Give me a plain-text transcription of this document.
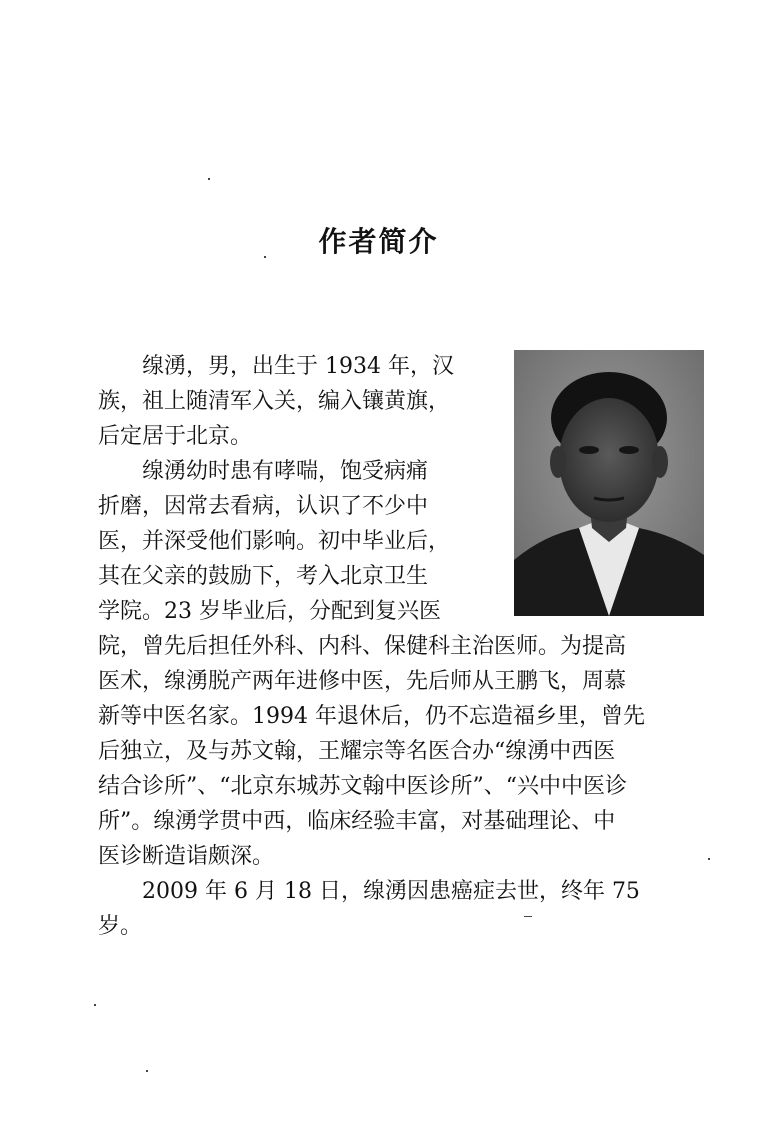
作者简介
　　缐湧，男，出生于 1934 年，汉
族，祖上随清军入关，编入镶黄旗，
后定居于北京。
　　缐湧幼时患有哮喘，饱受病痛
折磨，因常去看病，认识了不少中
医，并深受他们影响。初中毕业后，
其在父亲的鼓励下，考入北京卫生
学院。23 岁毕业后，分配到复兴医
院，曾先后担任外科、内科、保健科主治医师。为提高
医术，缐湧脱产两年进修中医，先后师从王鹏飞，周慕
新等中医名家。1994 年退休后，仍不忘造福乡里，曾先
后独立，及与苏文翰，王耀宗等名医合办“缐湧中西医
结合诊所”、“北京东城苏文翰中医诊所”、“兴中中医诊
所”。缐湧学贯中西，临床经验丰富，对基础理论、中
医诊断造诣颇深。
　　2009 年 6 月 18 日，缐湧因患癌症去世，终年 75
岁。
